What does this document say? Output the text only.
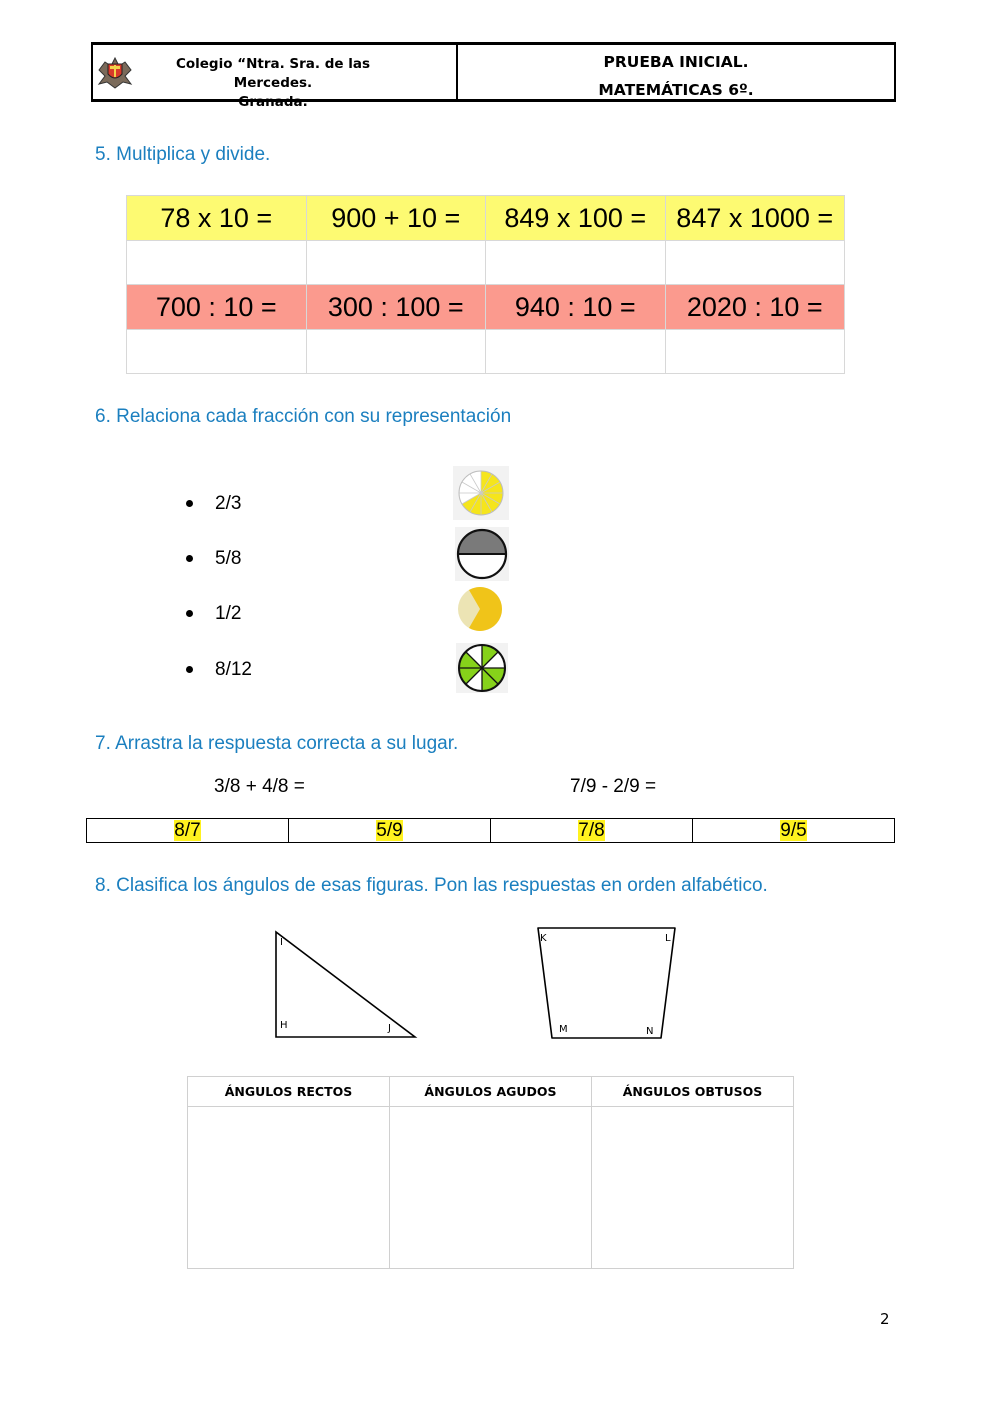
Colegio “Ntra. Sra. de las Mercedes.
Granada.
PRUEBA INICIAL.
MATEMÁTICAS 6º.
5. Multiplica y divide.
78 x 10 =	900 + 10 =	849 x 100 =	847 x 1000 =

700 : 10 =	300 : 100 =	940 : 10 =	2020 : 10 =

6. Relaciona cada fracción con su representación
2/3
5/8
1/2
8/12
7. Arrastra la respuesta correcta a su lugar.
3/8 + 4/8 =	7/9 - 2/9 =
8/7	5/9	7/8	9/5
8. Clasifica los ángulos de esas figuras. Pon las respuestas en orden alfabético.
I
H	J
K	L
M	N
ÁNGULOS RECTOS	ÁNGULOS AGUDOS	ÁNGULOS OBTUSOS

2
